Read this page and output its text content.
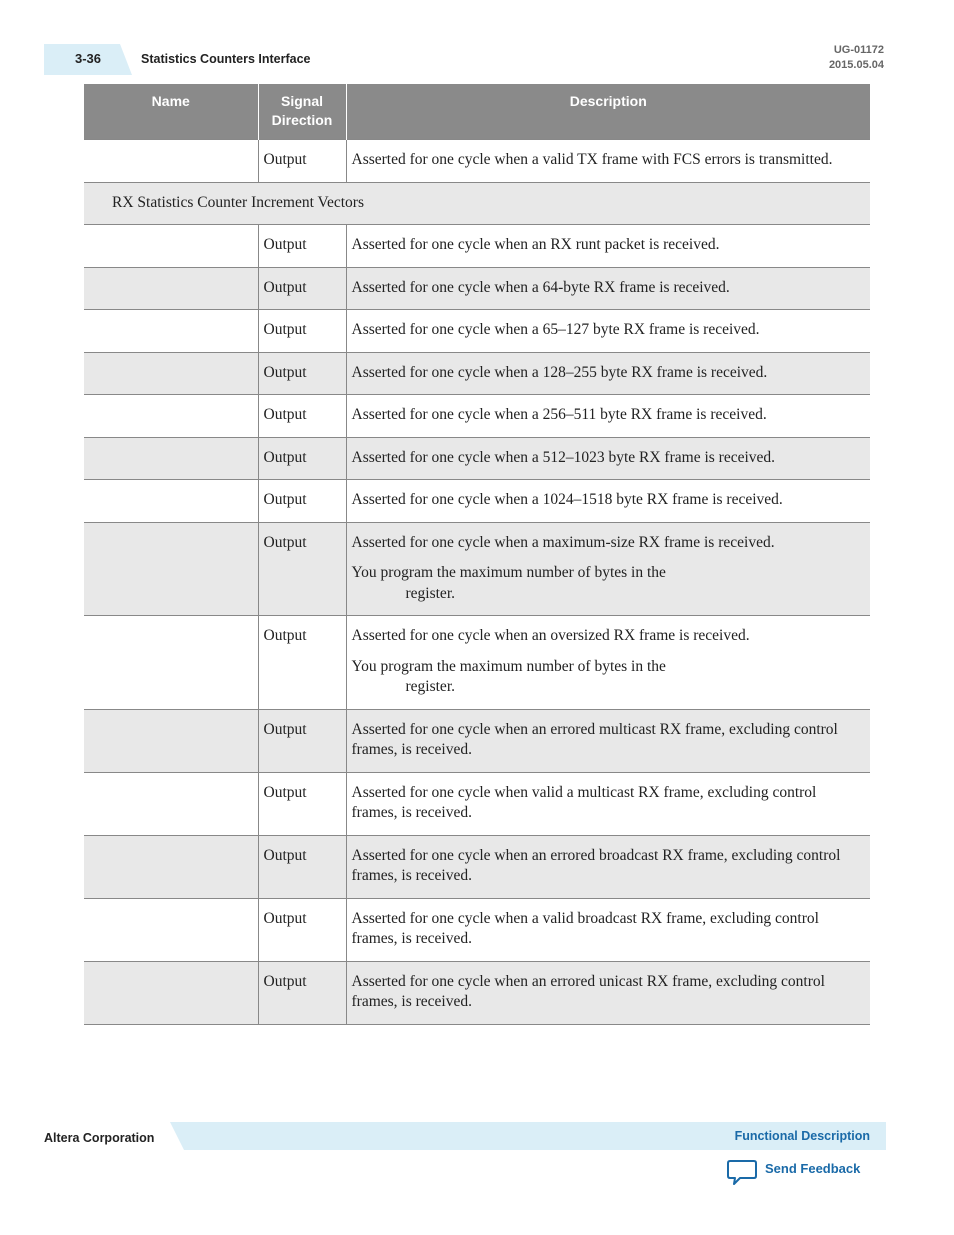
3-36	Statistics Counters Interface
UG-01172
2015.05.04
Name	Signal Direction	Description
	Output	Asserted for one cycle when a valid TX frame with FCS errors is transmitted.
RX Statistics Counter Increment Vectors		
	Output	Asserted for one cycle when an RX runt packet is received.
	Output	Asserted for one cycle when a 64-byte RX frame is received.
	Output	Asserted for one cycle when a 65–127 byte RX frame is received.
	Output	Asserted for one cycle when a 128–255 byte RX frame is received.
	Output	Asserted for one cycle when a 256–511 byte RX frame is received.
	Output	Asserted for one cycle when a 512–1023 byte RX frame is received.
	Output	Asserted for one cycle when a 1024–1518 byte RX frame is received.
	Output	Asserted for one cycle when a maximum-size RX frame is received.
You program the maximum number of bytes in the
register.

	Output	Asserted for one cycle when an oversized RX frame is received.
You program the maximum number of bytes in the
register.

	Output	Asserted for one cycle when an errored multicast RX frame, excluding control frames, is received.
	Output	Asserted for one cycle when valid a multicast RX frame, excluding control frames, is received.
	Output	Asserted for one cycle when an errored broadcast RX frame, excluding control frames, is received.
	Output	Asserted for one cycle when a valid broadcast RX frame, excluding control frames, is received.
	Output	Asserted for one cycle when an errored unicast RX frame, excluding control frames, is received.
Altera Corporation	Functional Description
Send Feedback
